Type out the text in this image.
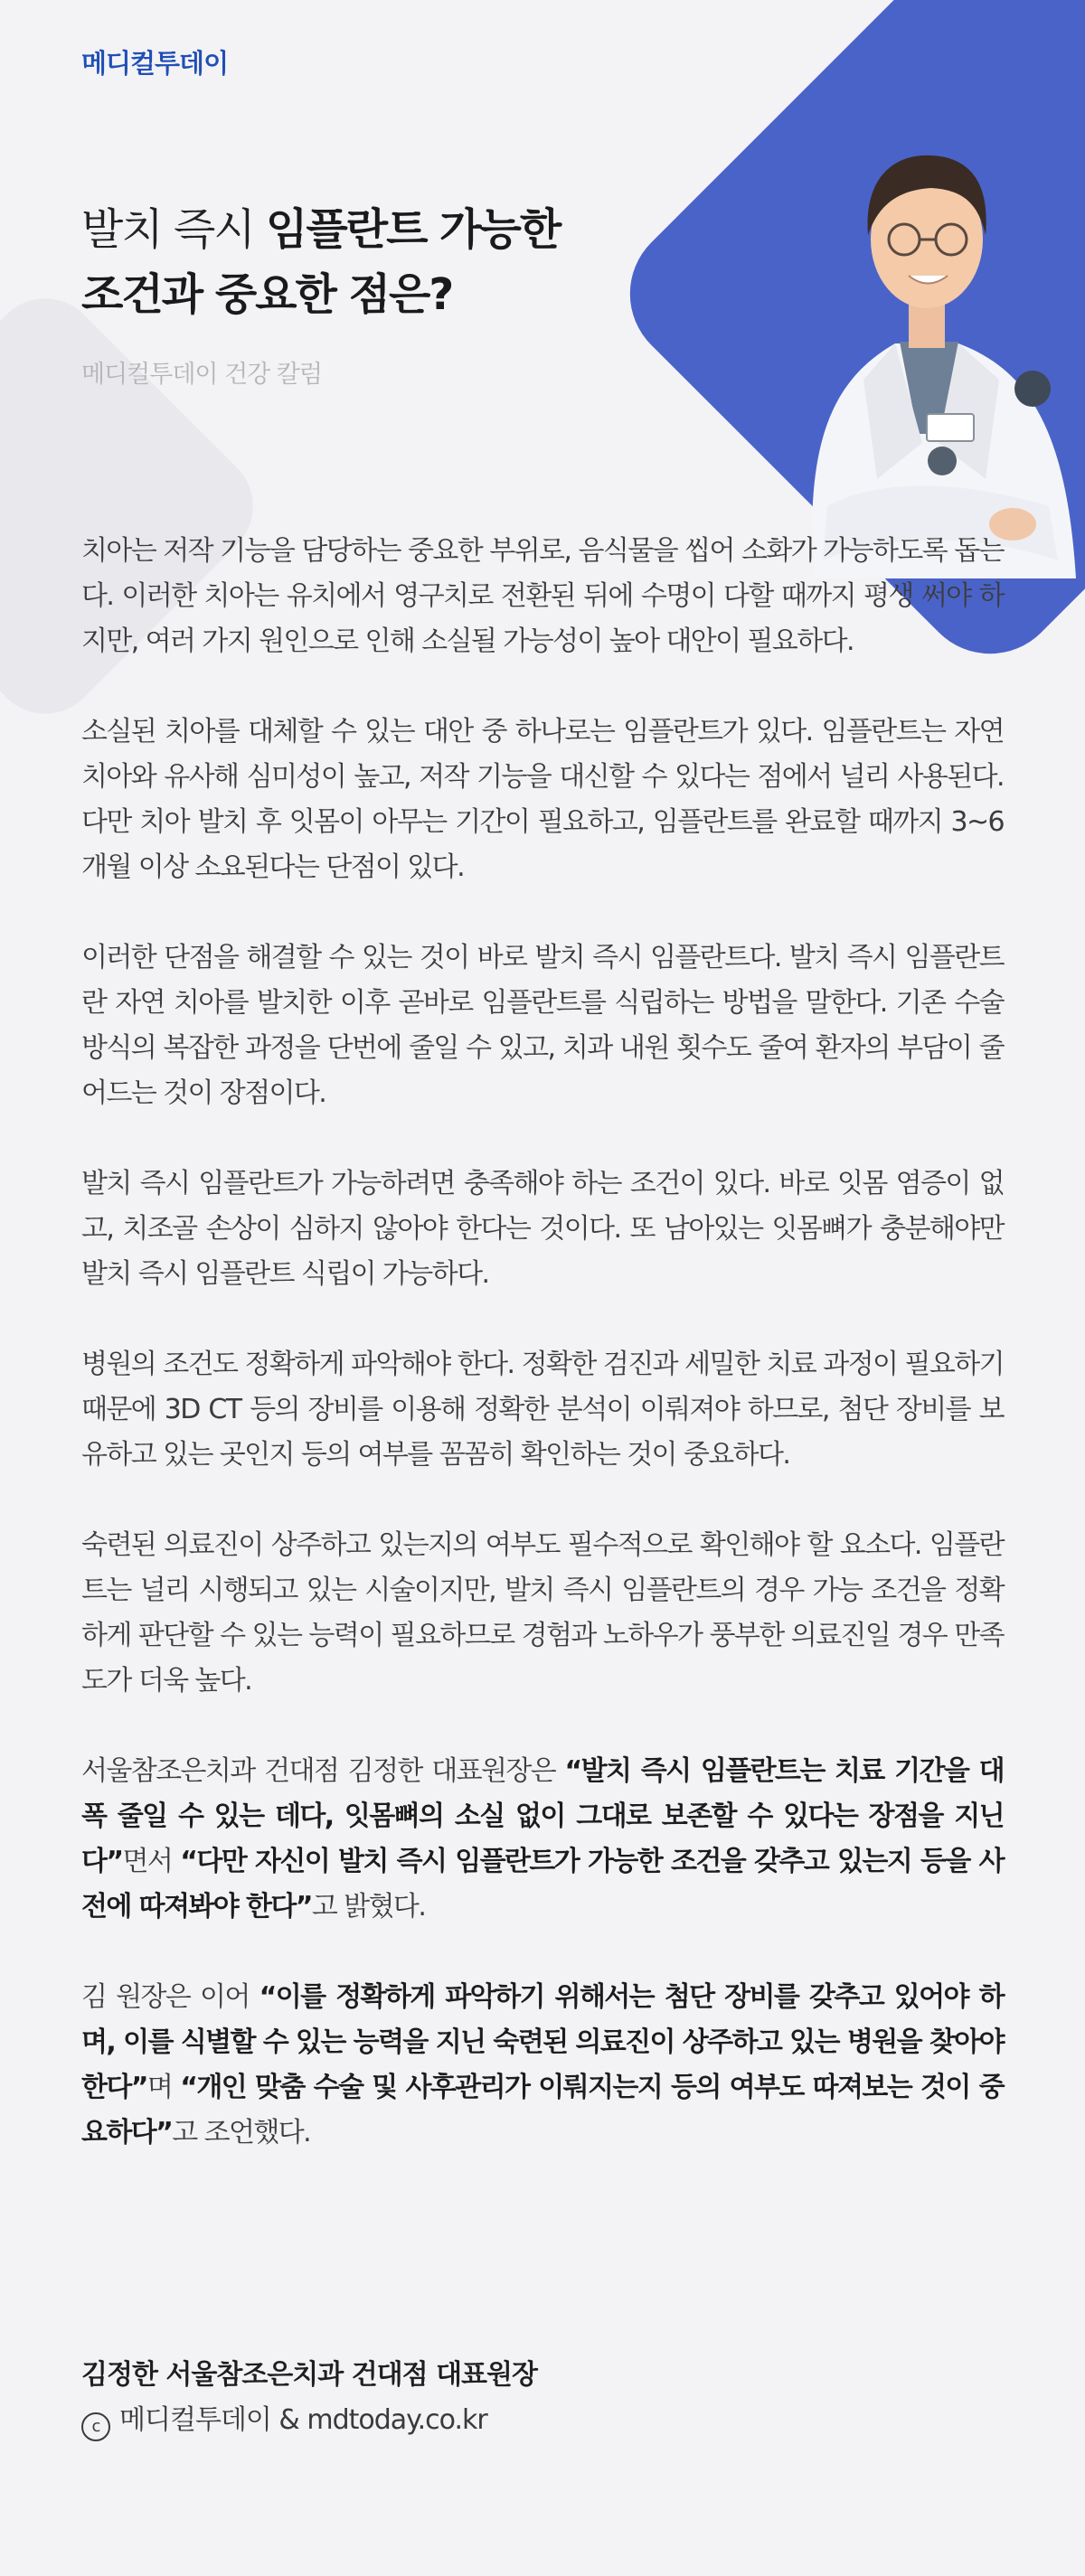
메디컬투데이
발치 즉시 임플란트 가능한
조건과 중요한 점은?
메디컬투데이 건강 칼럼

치아는 저작 기능을 담당하는 중요한 부위로, 음식물을 씹어 소화가 가능하도록 돕는다. 이러한 치아는 유치에서 영구치로 전환된 뒤에 수명이 다할 때까지 평생 써야 하지만, 여러 가지 원인으로 인해 소실될 가능성이 높아 대안이 필요하다.

소실된 치아를 대체할 수 있는 대안 중 하나로는 임플란트가 있다. 임플란트는 자연 치아와 유사해 심미성이 높고, 저작 기능을 대신할 수 있다는 점에서 널리 사용된다. 다만 치아 발치 후 잇몸이 아무는 기간이 필요하고, 임플란트를 완료할 때까지 3~6개월 이상 소요된다는 단점이 있다.

이러한 단점을 해결할 수 있는 것이 바로 발치 즉시 임플란트다. 발치 즉시 임플란트란 자연 치아를 발치한 이후 곧바로 임플란트를 식립하는 방법을 말한다. 기존 수술 방식의 복잡한 과정을 단번에 줄일 수 있고, 치과 내원 횟수도 줄여 환자의 부담이 줄어드는 것이 장점이다.

발치 즉시 임플란트가 가능하려면 충족해야 하는 조건이 있다. 바로 잇몸 염증이 없고, 치조골 손상이 심하지 않아야 한다는 것이다. 또 남아있는 잇몸뼈가 충분해야만 발치 즉시 임플란트 식립이 가능하다.

병원의 조건도 정확하게 파악해야 한다. 정확한 검진과 세밀한 치료 과정이 필요하기 때문에 3D CT 등의 장비를 이용해 정확한 분석이 이뤄져야 하므로, 첨단 장비를 보유하고 있는 곳인지 등의 여부를 꼼꼼히 확인하는 것이 중요하다.

숙련된 의료진이 상주하고 있는지의 여부도 필수적으로 확인해야 할 요소다. 임플란트는 널리 시행되고 있는 시술이지만, 발치 즉시 임플란트의 경우 가능 조건을 정확하게 판단할 수 있는 능력이 필요하므로 경험과 노하우가 풍부한 의료진일 경우 만족도가 더욱 높다.

서울참조은치과 건대점 김정한 대표원장은 “발치 즉시 임플란트는 치료 기간을 대폭 줄일 수 있는 데다, 잇몸뼈의 소실 없이 그대로 보존할 수 있다는 장점을 지닌다”면서 “다만 자신이 발치 즉시 임플란트가 가능한 조건을 갖추고 있는지 등을 사전에 따져봐야 한다”고 밝혔다.

김 원장은 이어 “이를 정확하게 파악하기 위해서는 첨단 장비를 갖추고 있어야 하며, 이를 식별할 수 있는 능력을 지닌 숙련된 의료진이 상주하고 있는 병원을 찾아야 한다”며 “개인 맞춤 수술 및 사후관리가 이뤄지는지 등의 여부도 따져보는 것이 중요하다”고 조언했다.

김정한 서울참조은치과 건대점 대표원장
c 메디컬투데이 & mdtoday.co.kr
